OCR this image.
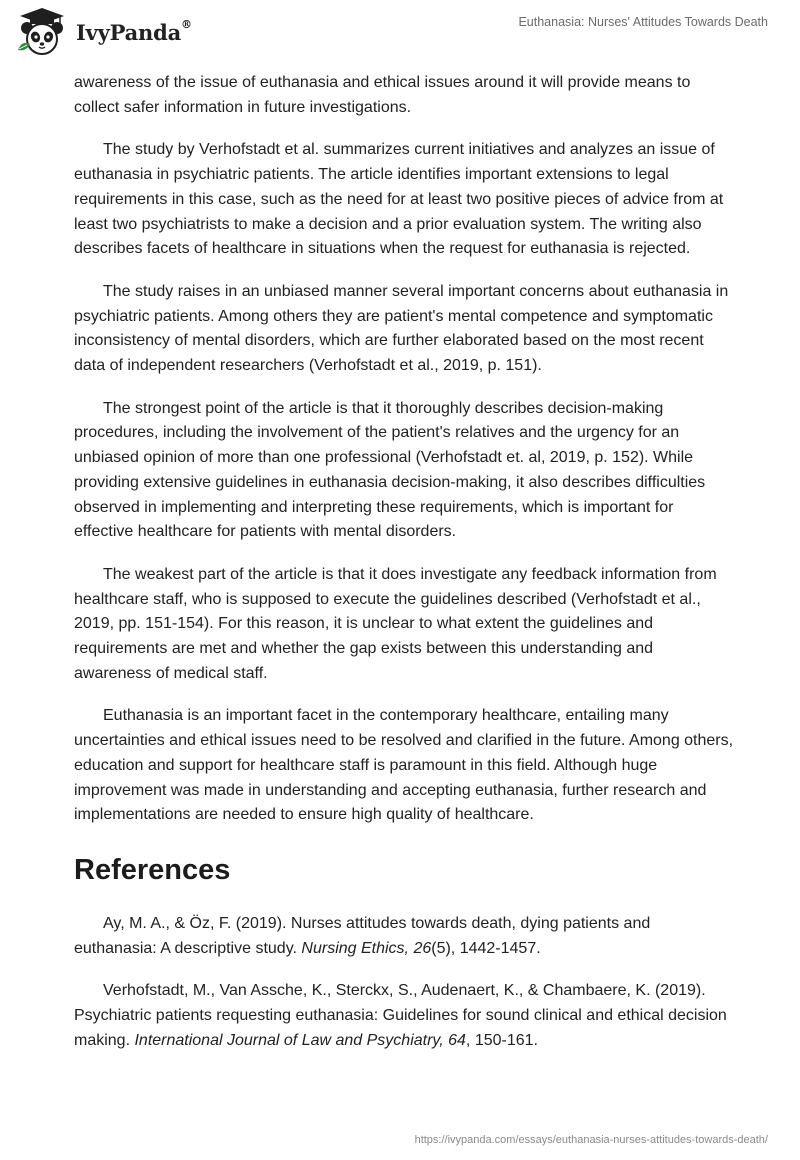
IvyPanda®	Euthanasia: Nurses' Attitudes Towards Death

awareness of the issue of euthanasia and ethical issues around it will provide means to collect safer information in future investigations.

The study by Verhofstadt et al. summarizes current initiatives and analyzes an issue of euthanasia in psychiatric patients. The article identifies important extensions to legal requirements in this case, such as the need for at least two positive pieces of advice from at least two psychiatrists to make a decision and a prior evaluation system. The writing also describes facets of healthcare in situations when the request for euthanasia is rejected.

The study raises in an unbiased manner several important concerns about euthanasia in psychiatric patients. Among others they are patient's mental competence and symptomatic inconsistency of mental disorders, which are further elaborated based on the most recent data of independent researchers (Verhofstadt et al., 2019, p. 151).

The strongest point of the article is that it thoroughly describes decision-making procedures, including the involvement of the patient's relatives and the urgency for an unbiased opinion of more than one professional (Verhofstadt et. al, 2019, p. 152). While providing extensive guidelines in euthanasia decision-making, it also describes difficulties observed in implementing and interpreting these requirements, which is important for effective healthcare for patients with mental disorders.

The weakest part of the article is that it does investigate any feedback information from healthcare staff, who is supposed to execute the guidelines described (Verhofstadt et al., 2019, pp. 151-154). For this reason, it is unclear to what extent the guidelines and requirements are met and whether the gap exists between this understanding and awareness of medical staff.

Euthanasia is an important facet in the contemporary healthcare, entailing many uncertainties and ethical issues need to be resolved and clarified in the future. Among others, education and support for healthcare staff is paramount in this field. Although huge improvement was made in understanding and accepting euthanasia, further research and implementations are needed to ensure high quality of healthcare.

References

Ay, M. A., & Öz, F. (2019). Nurses attitudes towards death, dying patients and euthanasia: A descriptive study. Nursing Ethics, 26(5), 1442-1457.

Verhofstadt, M., Van Assche, K., Sterckx, S., Audenaert, K., & Chambaere, K. (2019). Psychiatric patients requesting euthanasia: Guidelines for sound clinical and ethical decision making. International Journal of Law and Psychiatry, 64, 150-161.

https://ivypanda.com/essays/euthanasia-nurses-attitudes-towards-death/
